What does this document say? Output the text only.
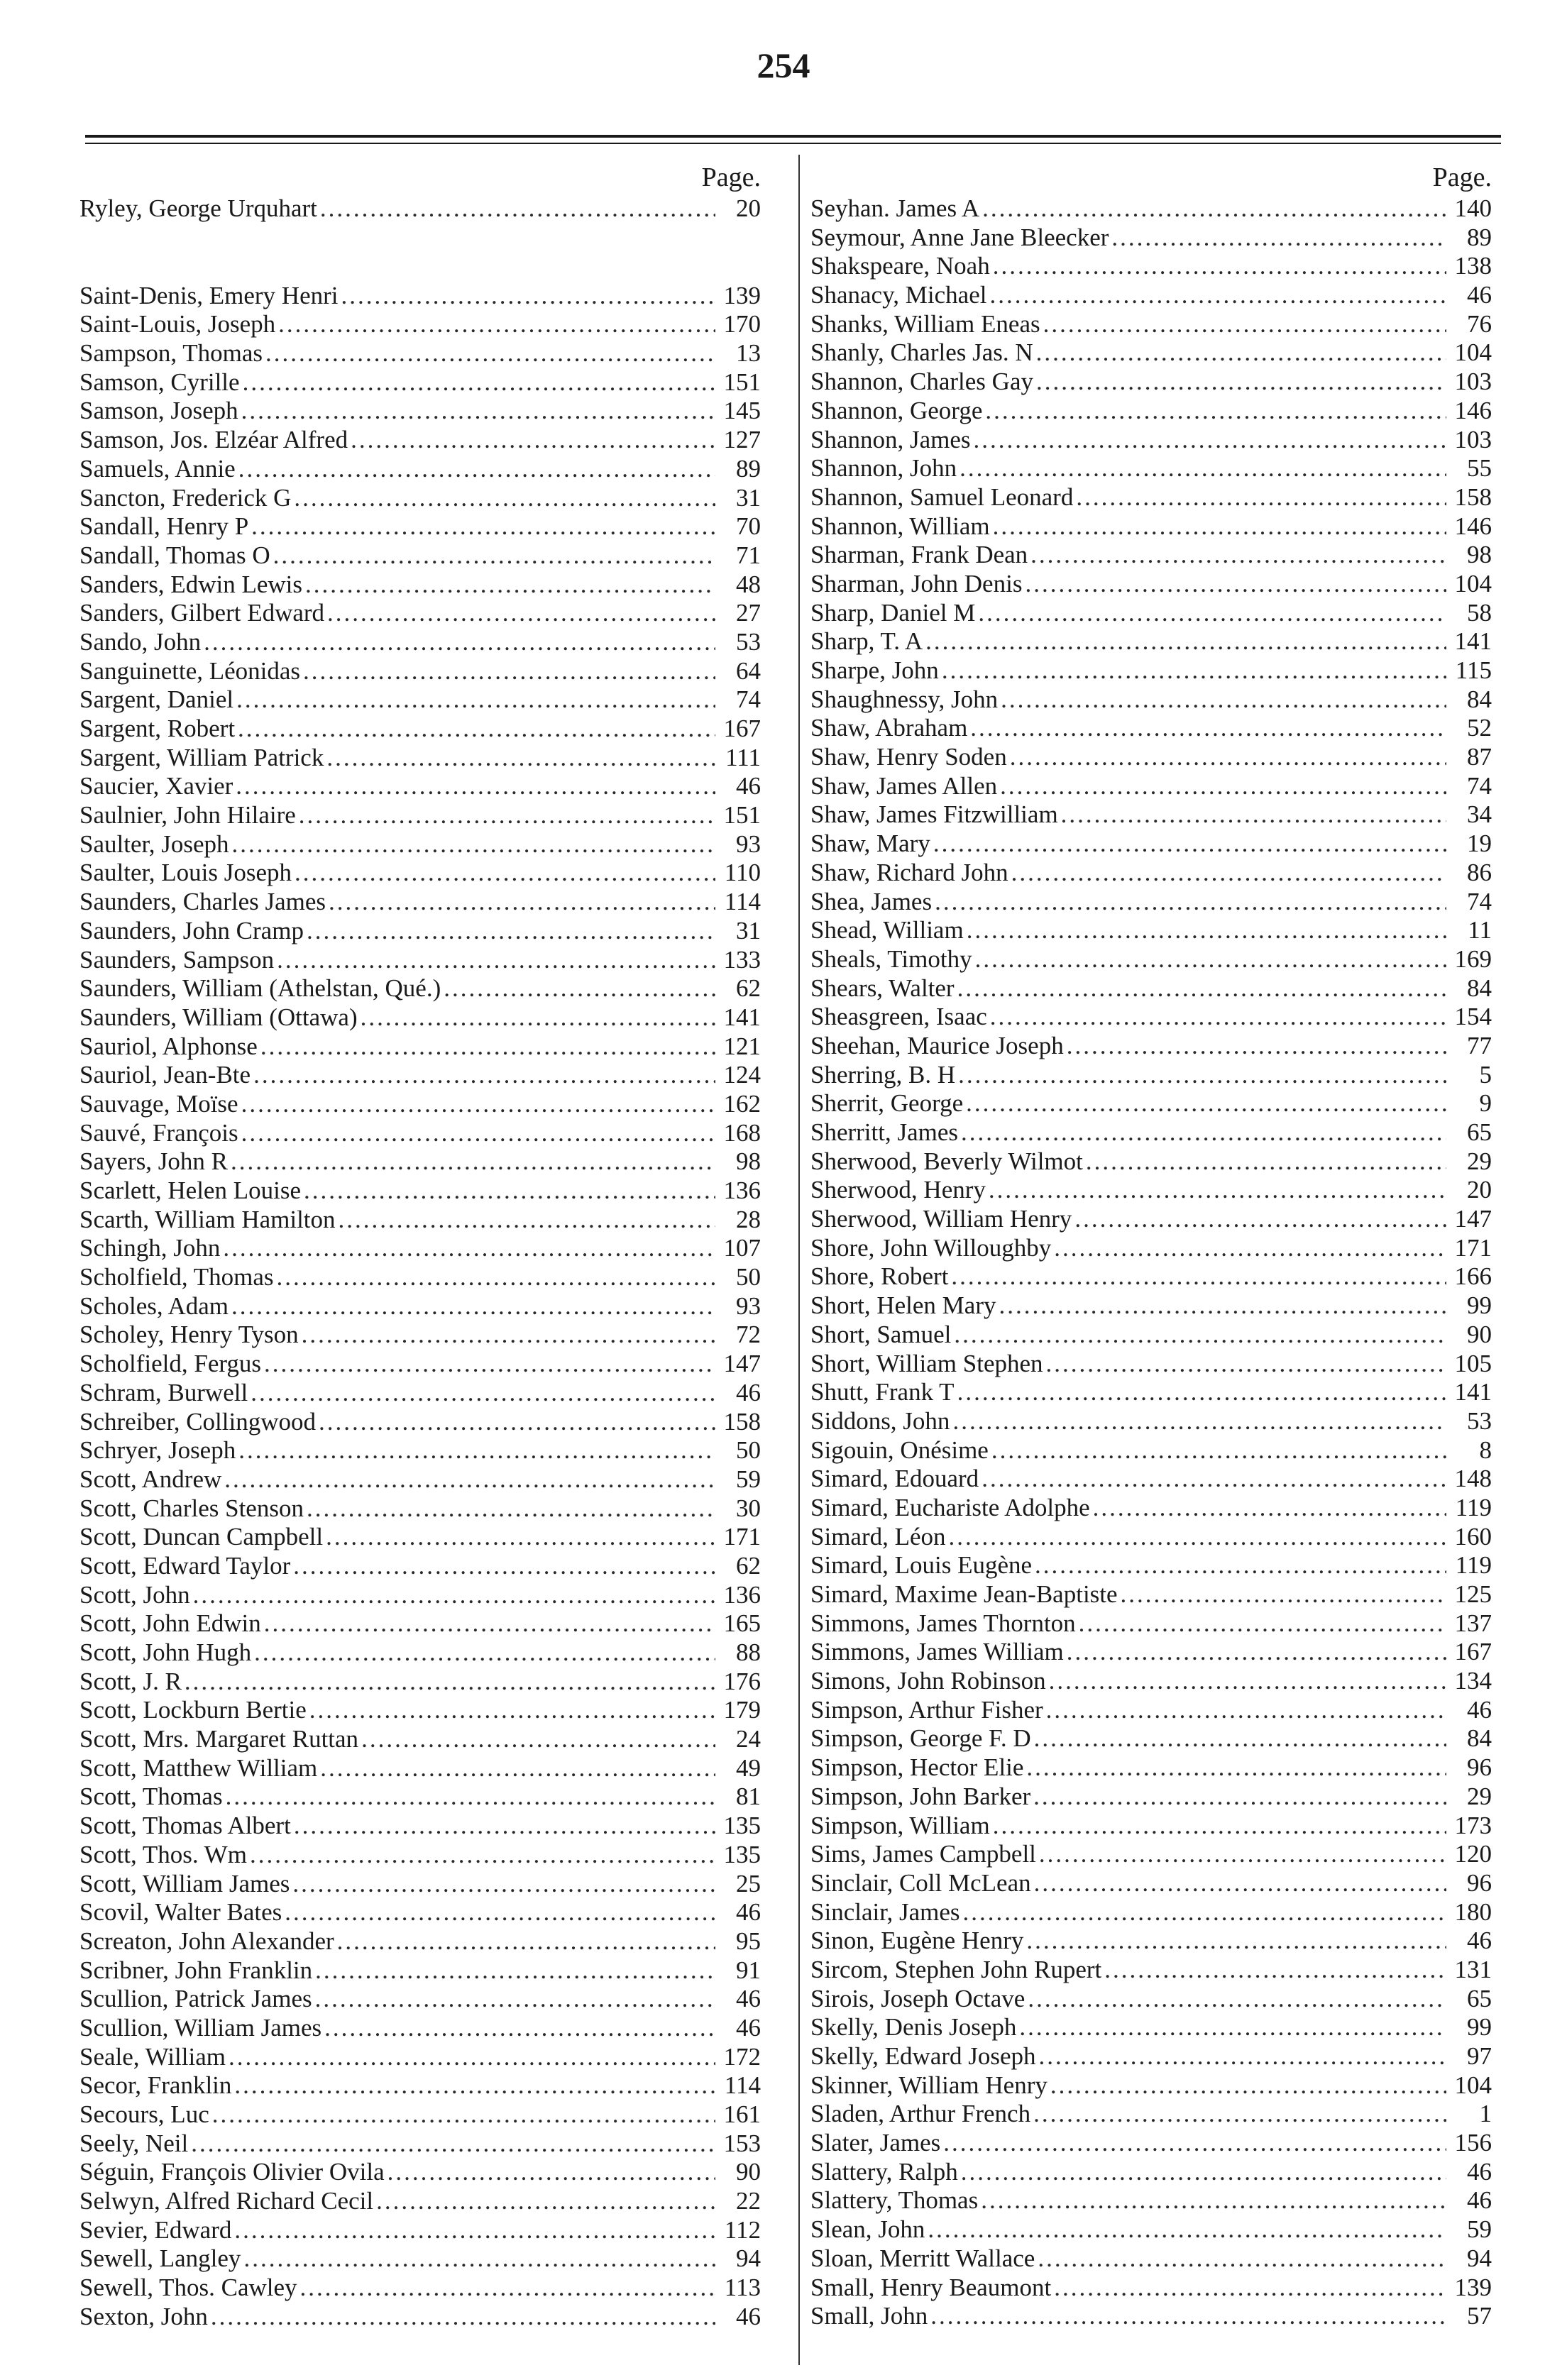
254
Page.
Ryley, George Urquhart .....	20
Saint-Denis, Emery Henri .....	139
Saint-Louis, Joseph .....	170
Sampson, Thomas .....	13
Samson, Cyrille .....	151
Samson, Joseph .....	145
Samson, Jos. Elzéar Alfred .....	127
Samuels, Annie .....	89
Sancton, Frederick G .....	31
Sandall, Henry P .....	70
Sandall, Thomas O .....	71
Sanders, Edwin Lewis .....	48
Sanders, Gilbert Edward .....	27
Sando, John .....	53
Sanguinette, Léonidas .....	64
Sargent, Daniel .....	74
Sargent, Robert .....	167
Sargent, William Patrick .....	111
Saucier, Xavier .....	46
Saulnier, John Hilaire .....	151
Saulter, Joseph .....	93
Saulter, Louis Joseph .....	110
Saunders, Charles James .....	114
Saunders, John Cramp .....	31
Saunders, Sampson .....	133
Saunders, William (Athelstan, Qué.) .....	62
Saunders, William (Ottawa) .....	141
Sauriol, Alphonse .....	121
Sauriol, Jean-Bte .....	124
Sauvage, Moïse .....	162
Sauvé, François .....	168
Sayers, John R .....	98
Scarlett, Helen Louise .....	136
Scarth, William Hamilton .....	28
Schingh, John .....	107
Scholfield, Thomas .....	50
Scholes, Adam .....	93
Scholey, Henry Tyson .....	72
Scholfield, Fergus .....	147
Schram, Burwell .....	46
Schreiber, Collingwood .....	158
Schryer, Joseph .....	50
Scott, Andrew .....	59
Scott, Charles Stenson .....	30
Scott, Duncan Campbell .....	171
Scott, Edward Taylor .....	62
Scott, John .....	136
Scott, John Edwin .....	165
Scott, John Hugh .....	88
Scott, J. R .....	176
Scott, Lockburn Bertie .....	179
Scott, Mrs. Margaret Ruttan .....	24
Scott, Matthew William .....	49
Scott, Thomas .....	81
Scott, Thomas Albert .....	135
Scott, Thos. Wm .....	135
Scott, William James .....	25
Scovil, Walter Bates .....	46
Screaton, John Alexander .....	95
Scribner, John Franklin .....	91
Scullion, Patrick James .....	46
Scullion, William James .....	46
Seale, William .....	172
Secor, Franklin .....	114
Secours, Luc .....	161
Seely, Neil .....	153
Séguin, François Olivier Ovila .....	90
Selwyn, Alfred Richard Cecil .....	22
Sevier, Edward .....	112
Sewell, Langley .....	94
Sewell, Thos. Cawley .....	113
Sexton, John .....	46
Page.
Seyhan. James A .....	140
Seymour, Anne Jane Bleecker .....	89
Shakspeare, Noah .....	138
Shanacy, Michael .....	46
Shanks, William Eneas .....	76
Shanly, Charles Jas. N .....	104
Shannon, Charles Gay .....	103
Shannon, George .....	146
Shannon, James .....	103
Shannon, John .....	55
Shannon, Samuel Leonard .....	158
Shannon, William .....	146
Sharman, Frank Dean .....	98
Sharman, John Denis .....	104
Sharp, Daniel M .....	58
Sharp, T. A .....	141
Sharpe, John .....	115
Shaughnessy, John .....	84
Shaw, Abraham .....	52
Shaw, Henry Soden .....	87
Shaw, James Allen .....	74
Shaw, James Fitzwilliam .....	34
Shaw, Mary .....	19
Shaw, Richard John .....	86
Shea, James .....	74
Shead, William .....	11
Sheals, Timothy .....	169
Shears, Walter .....	84
Sheasgreen, Isaac .....	154
Sheehan, Maurice Joseph .....	77
Sherring, B. H .....	5
Sherrit, George .....	9
Sherritt, James .....	65
Sherwood, Beverly Wilmot .....	29
Sherwood, Henry .....	20
Sherwood, William Henry .....	147
Shore, John Willoughby .....	171
Shore, Robert .....	166
Short, Helen Mary .....	99
Short, Samuel .....	90
Short, William Stephen .....	105
Shutt, Frank T .....	141
Siddons, John .....	53
Sigouin, Onésime .....	8
Simard, Edouard .....	148
Simard, Euchariste Adolphe .....	119
Simard, Léon .....	160
Simard, Louis Eugène .....	119
Simard, Maxime Jean-Baptiste .....	125
Simmons, James Thornton .....	137
Simmons, James William .....	167
Simons, John Robinson .....	134
Simpson, Arthur Fisher .....	46
Simpson, George F. D .....	84
Simpson, Hector Elie .....	96
Simpson, John Barker .....	29
Simpson, William .....	173
Sims, James Campbell .....	120
Sinclair, Coll McLean .....	96
Sinclair, James .....	180
Sinon, Eugène Henry .....	46
Sircom, Stephen John Rupert .....	131
Sirois, Joseph Octave .....	65
Skelly, Denis Joseph .....	99
Skelly, Edward Joseph .....	97
Skinner, William Henry .....	104
Sladen, Arthur French .....	1
Slater, James .....	156
Slattery, Ralph .....	46
Slattery, Thomas .....	46
Slean, John .....	59
Sloan, Merritt Wallace .....	94
Small, Henry Beaumont .....	139
Small, John .....	57
